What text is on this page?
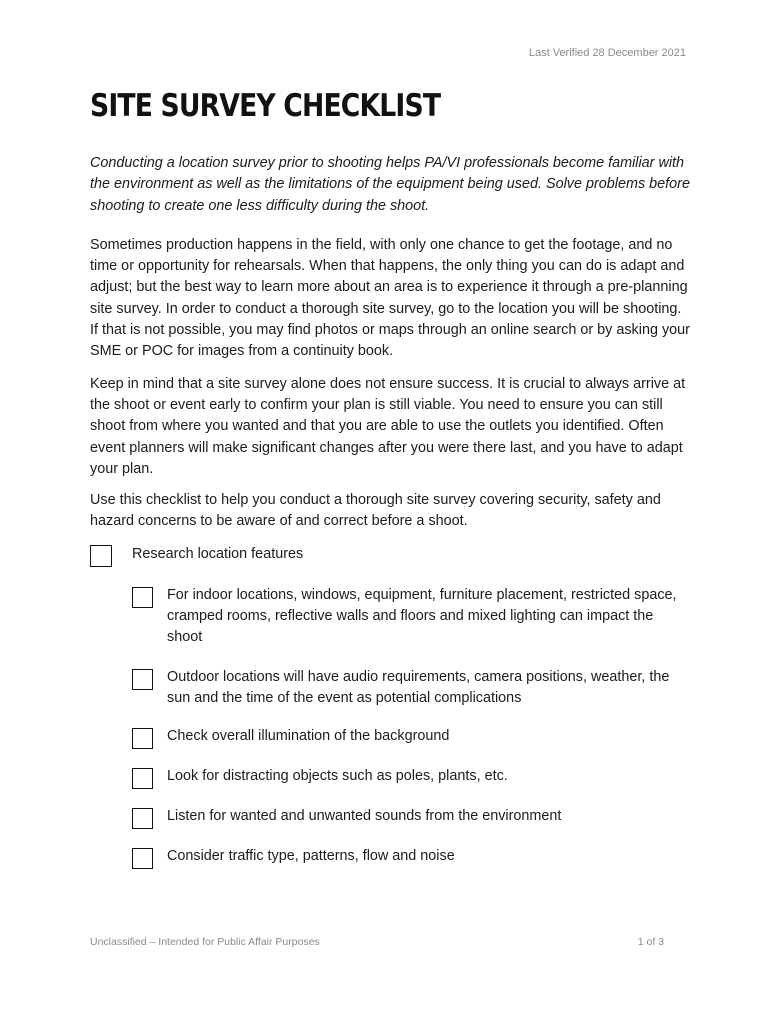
Last Verified 28 December 2021
SITE SURVEY CHECKLIST

Conducting a location survey prior to shooting helps PA/VI professionals become familiar with the environment as well as the limitations of the equipment being used. Solve problems before shooting to create one less difficulty during the shoot.

Sometimes production happens in the field, with only one chance to get the footage, and no time or opportunity for rehearsals. When that happens, the only thing you can do is adapt and adjust; but the best way to learn more about an area is to experience it through a pre-planning site survey. In order to conduct a thorough site survey, go to the location you will be shooting. If that is not possible, you may find photos or maps through an online search or by asking your SME or POC for images from a continuity book.

Keep in mind that a site survey alone does not ensure success. It is crucial to always arrive at the shoot or event early to confirm your plan is still viable. You need to ensure you can still shoot from where you wanted and that you are able to use the outlets you identified. Often event planners will make significant changes after you were there last, and you have to adapt your plan.

Use this checklist to help you conduct a thorough site survey covering security, safety and hazard concerns to be aware of and correct before a shoot.

Research location features
For indoor locations, windows, equipment, furniture placement, restricted space, cramped rooms, reflective walls and floors and mixed lighting can impact the shoot
Outdoor locations will have audio requirements, camera positions, weather, the sun and the time of the event as potential complications
Check overall illumination of the background
Look for distracting objects such as poles, plants, etc.
Listen for wanted and unwanted sounds from the environment
Consider traffic type, patterns, flow and noise
Unclassified – Intended for Public Affair Purposes	1 of 3
